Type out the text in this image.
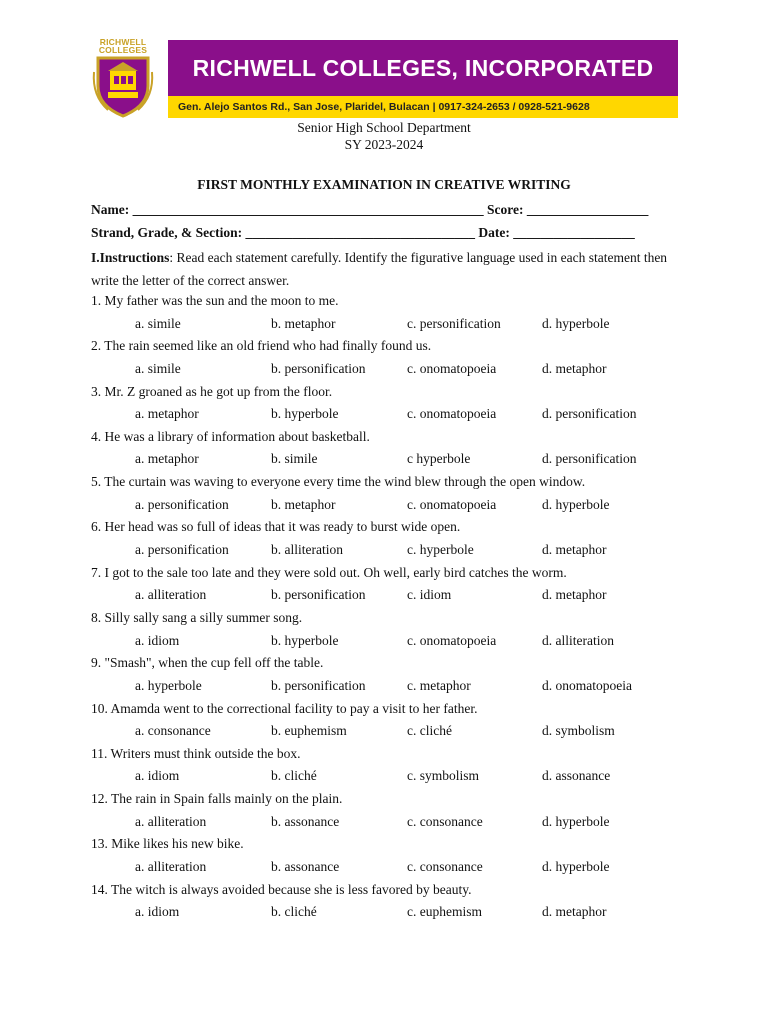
RICHWELL
COLLEGES
RICHWELL COLLEGES, INCORPORATED
Gen. Alejo Santos Rd., San Jose, Plaridel, Bulacan | 0917-324-2653 / 0928-521-9628
Senior High School Department
SY 2023-2024
FIRST MONTHLY EXAMINATION IN CREATIVE WRITING
Name: ____________________________________________________ Score: __________________
Strand, Grade, & Section: __________________________________ Date: __________________
I.Instructions: Read each statement carefully. Identify the figurative language used in each statement then write the letter of the correct answer.
1. My father was the sun and the moon to me.
a. simile	b. metaphor	c. personification	d. hyperbole
2. The rain seemed like an old friend who had finally found us.
a. simile	b. personification	c. onomatopoeia	d. metaphor
3. Mr. Z groaned as he got up from the floor.
a. metaphor	b. hyperbole	c. onomatopoeia	d. personification
4. He was a library of information about basketball.
a. metaphor	b. simile	c hyperbole	d. personification
5. The curtain was waving to everyone every time the wind blew through the open window.
a. personification	b. metaphor	c. onomatopoeia	d. hyperbole
6. Her head was so full of ideas that it was ready to burst wide open.
a. personification	b. alliteration	c. hyperbole	d. metaphor
7. I got to the sale too late and they were sold out. Oh well, early bird catches the worm.
a. alliteration	b. personification	c. idiom	d. metaphor
8. Silly sally sang a silly summer song.
a. idiom	b. hyperbole	c. onomatopoeia	d. alliteration
9. "Smash", when the cup fell off the table.
a. hyperbole	b. personification	c. metaphor	d. onomatopoeia
10. Amamda went to the correctional facility to pay a visit to her father.
a. consonance	b. euphemism	c. cliché	d. symbolism
11. Writers must think outside the box.
a. idiom	b. cliché	c. symbolism	d. assonance
12. The rain in Spain falls mainly on the plain.
a. alliteration	b. assonance	c. consonance	d. hyperbole
13. Mike likes his new bike.
a. alliteration	b. assonance	c. consonance	d. hyperbole
14. The witch is always avoided because she is less favored by beauty.
a. idiom	b. cliché	c. euphemism	d. metaphor
